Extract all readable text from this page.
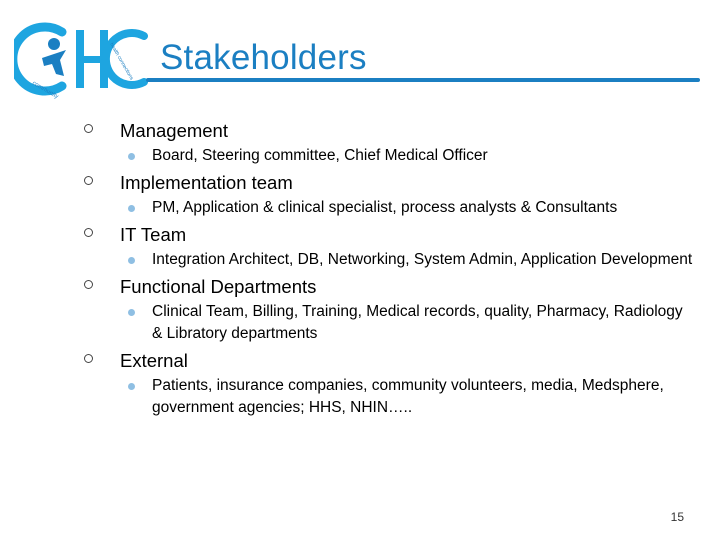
community
health connections Stakeholders
Management
Board, Steering committee, Chief Medical Officer
Implementation team
PM, Application & clinical specialist, process analysts & Consultants
IT Team
Integration Architect, DB, Networking, System Admin, Application Development
Functional Departments
Clinical Team, Billing, Training, Medical records, quality, Pharmacy, Radiology & Libratory departments
External
Patients, insurance companies, community volunteers, media, Medsphere, government agencies; HHS, NHIN…..
15
